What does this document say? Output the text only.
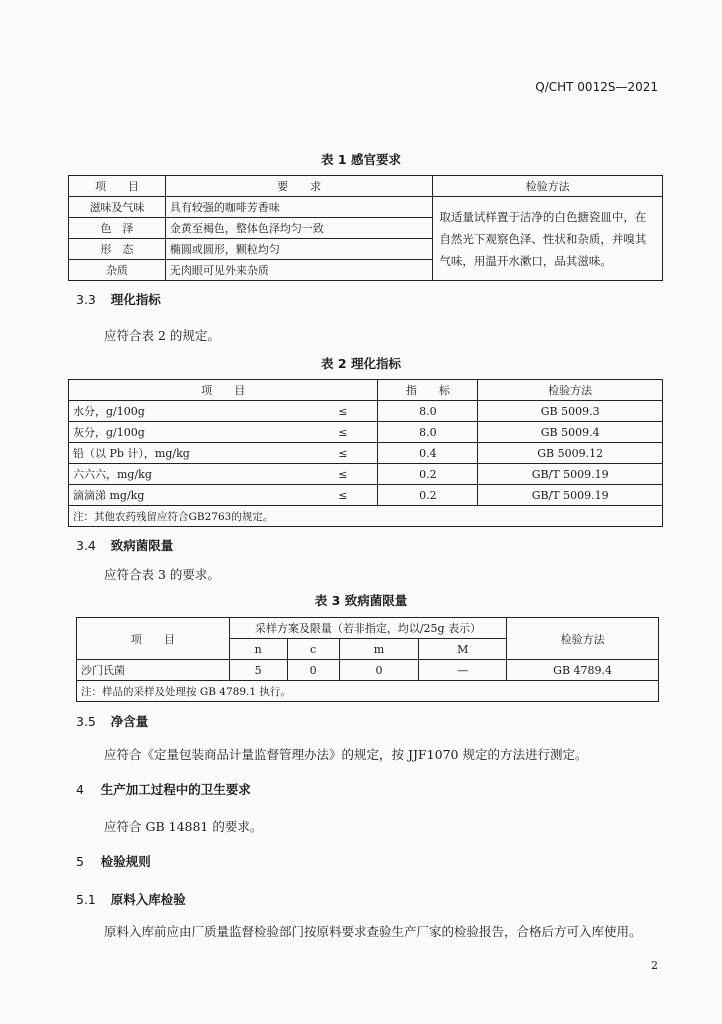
Q/CHT 0012S—2021
表 1 感官要求
项　　目	要　　求	检验方法
滋味及气味	具有较强的咖啡芳香味	取适量试样置于洁净的白色搪瓷皿中，在自然光下观察色泽、性状和杂质，并嗅其气味，用温开水漱口，品其滋味。
色　泽	金黄至褐色，整体色泽均匀一致	
形　态	椭圆或圆形，颗粒均匀	
杂质	无肉眼可见外来杂质	
3.3 理化指标
应符合表 2 的规定。
表 2 理化指标
项　　目		指　　标	检验方法
水分，g/100g	≤	8.0	GB 5009.3
灰分，g/100g	≤	8.0	GB 5009.4
铅（以 Pb 计），mg/kg	≤	0.4	GB 5009.12
六六六，mg/kg	≤	0.2	GB/T 5009.19
滴滴涕 mg/kg	≤	0.2	GB/T 5009.19
注：其他农药残留应符合GB2763的规定。			
3.4 致病菌限量
应符合表 3 的要求。
表 3 致病菌限量
项　　目	采样方案及限量（若非指定，均以/25g 表示）				检验方法
	n	c	m	M	
沙门氏菌	5	0	0	—	GB 4789.4
注：样品的采样及处理按 GB 4789.1 执行。					
3.5 净含量
应符合《定量包装商品计量监督管理办法》的规定，按 JJF1070 规定的方法进行测定。
4 生产加工过程中的卫生要求
应符合 GB 14881 的要求。
5 检验规则
5.1 原料入库检验
原料入库前应由厂质量监督检验部门按原料要求查验生产厂家的检验报告，合格后方可入库使用。
2
